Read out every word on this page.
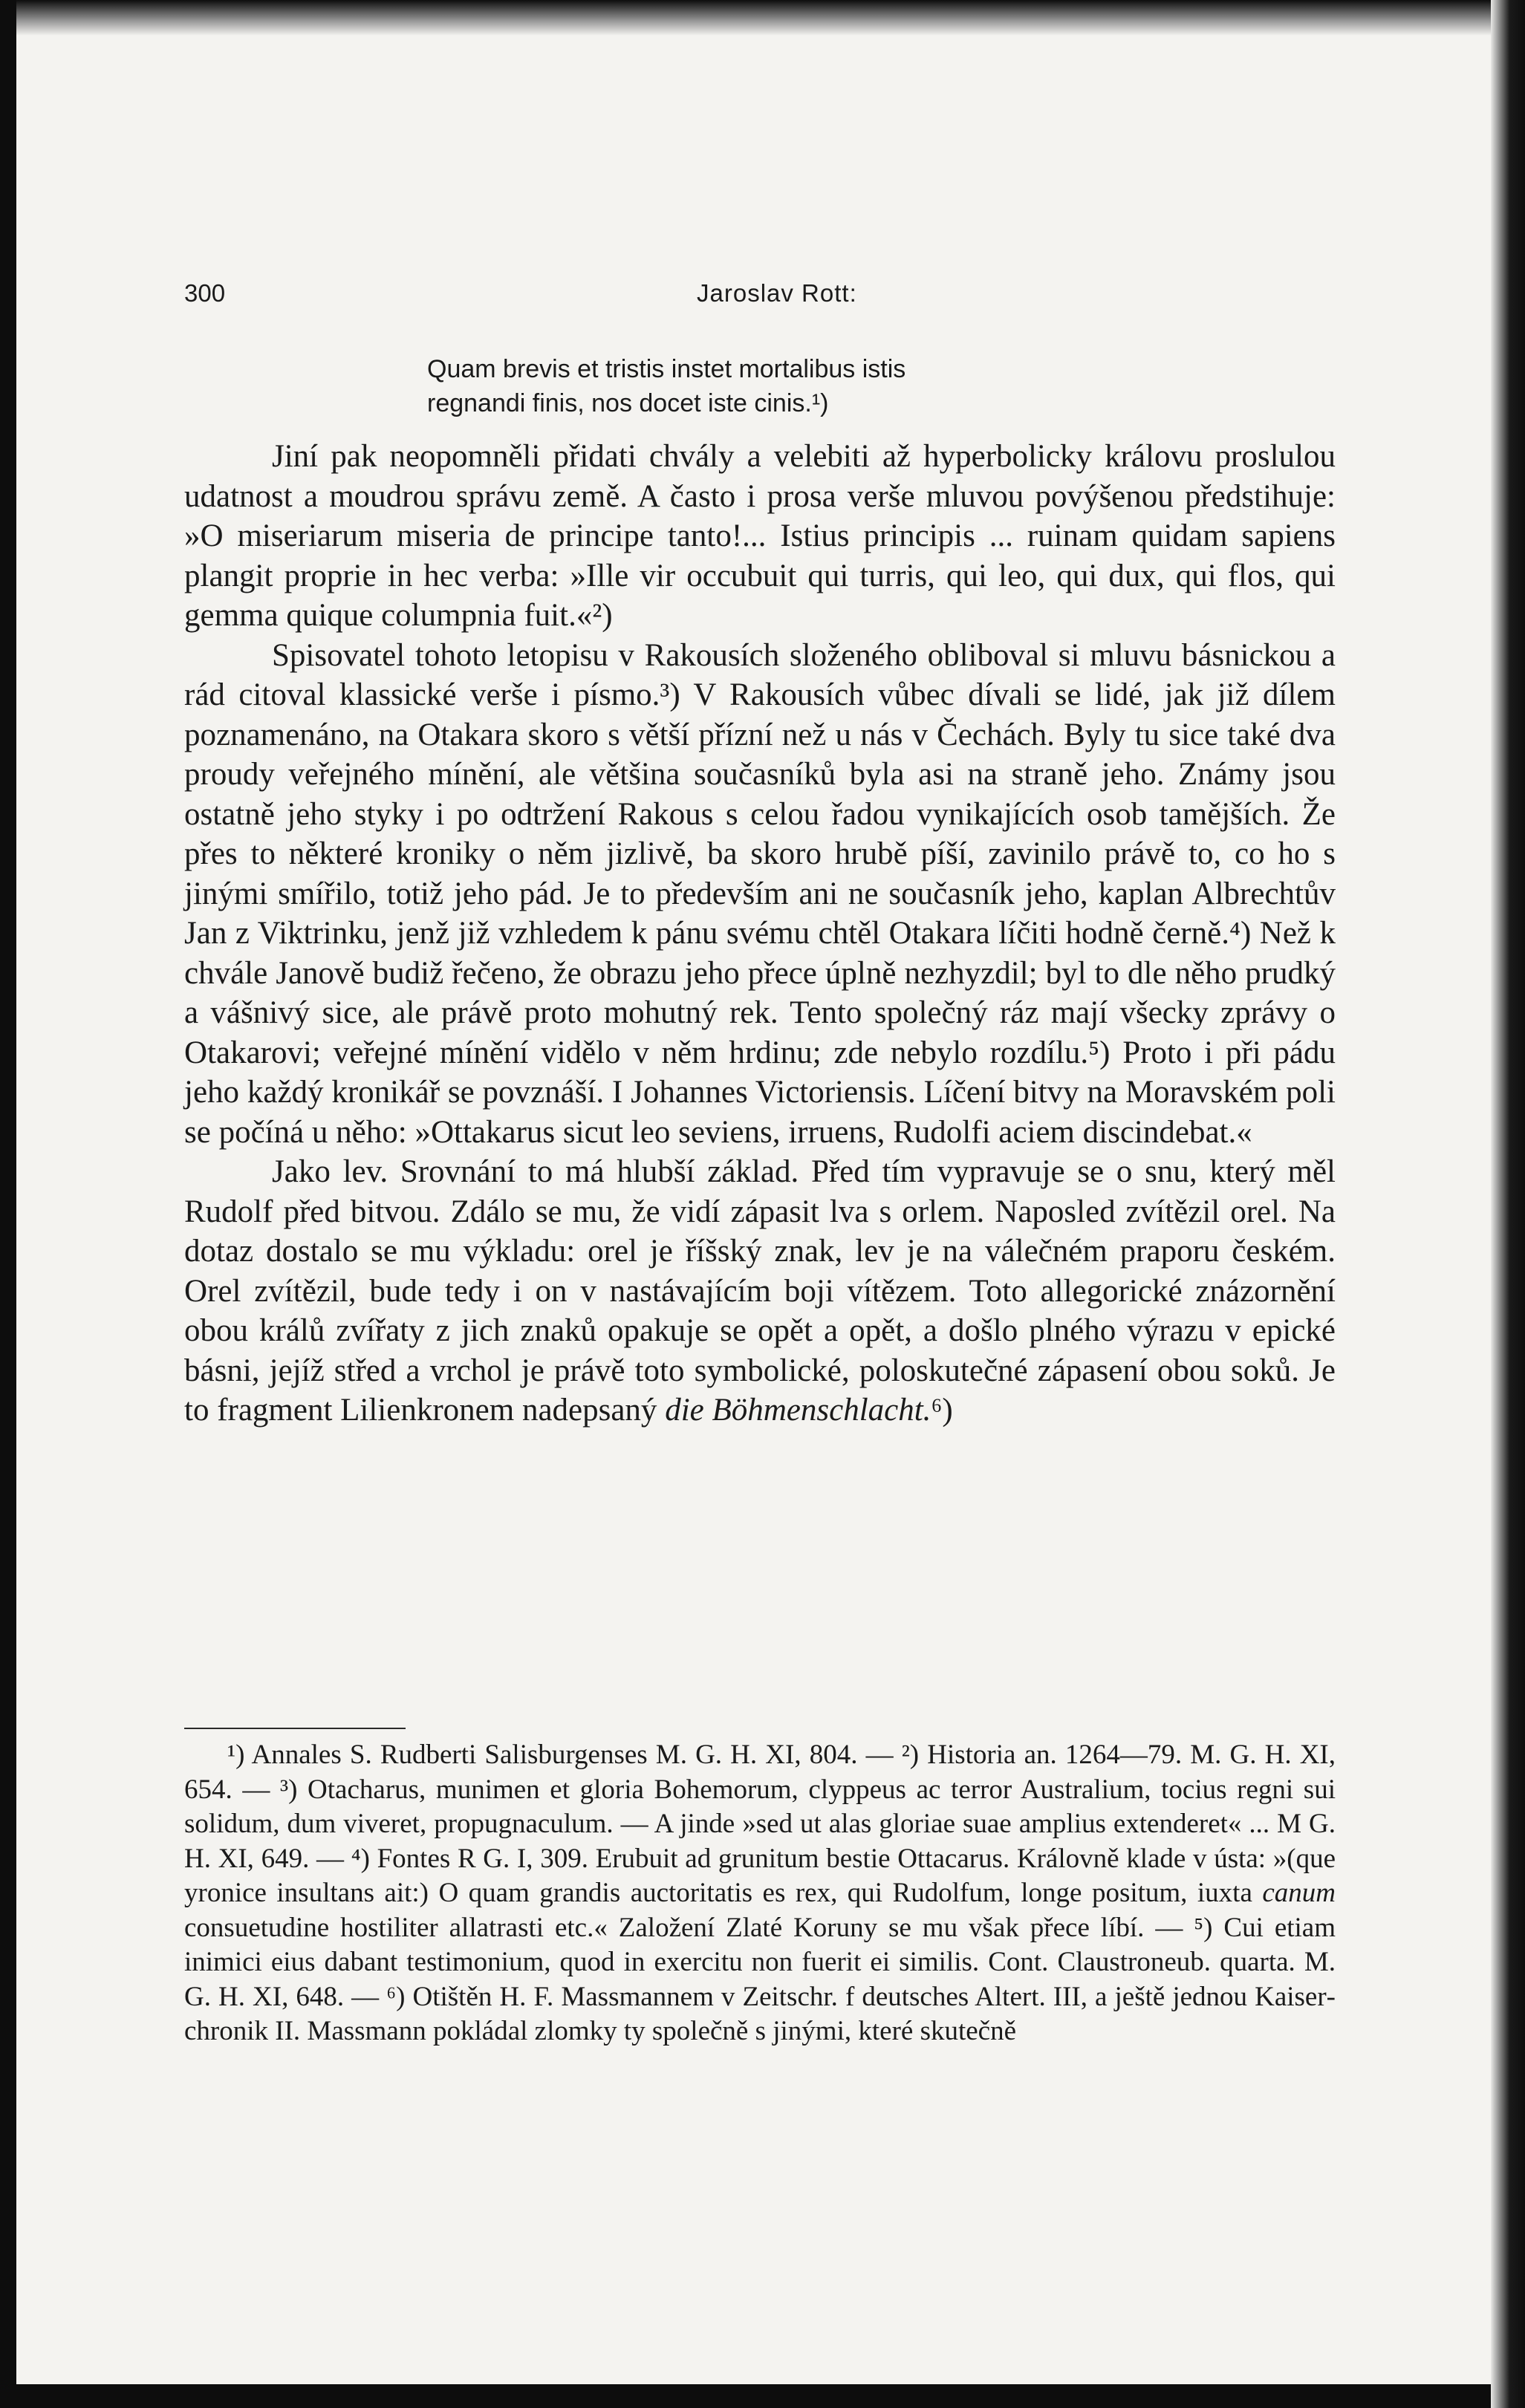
300	Jaroslav Rott:
Quam brevis et tristis instet mortalibus istis
regnandi finis, nos docet iste cinis.¹)

Jiní pak neopomněli přidati chvály a velebiti až hyperbolicky královu proslulou udatnost a moudrou správu země. A často i prosa verše mluvou povýšenou předstihuje: »O miseriarum miseria de principe tanto!... Istius principis ... ruinam quidam sapiens plangit proprie in hec verba: »Ille vir occubuit qui turris, qui leo, qui dux, qui flos, qui gemma quique columpnia fuit.«²)

Spisovatel tohoto letopisu v Rakousích složeného obliboval si mluvu básnickou a rád citoval klassické verše i písmo.³) V Rakousích vůbec dívali se lidé, jak již dílem poznamenáno, na Otakara skoro s větší přízní než u nás v Čechách. Byly tu sice také dva proudy veřejného mínění, ale většina současníků byla asi na straně jeho. Známy jsou ostatně jeho styky i po odtržení Rakous s celou řadou vynikajících osob tamějších. Že přes to některé kroniky o něm jizlivě, ba skoro hrubě píší, zavinilo právě to, co ho s jinými smířilo, totiž jeho pád. Je to především ani ne současník jeho, kaplan Albrechtův Jan z Viktrinku, jenž již vzhledem k pánu svému chtěl Otakara líčiti hodně černě.⁴) Než k chvále Janově budiž řečeno, že obrazu jeho přece úplně nezhyzdil; byl to dle něho prudký a vášnivý sice, ale právě proto mohutný rek. Tento společný ráz mají všecky zprávy o Otakarovi; veřejné mínění vidělo v něm hrdinu; zde nebylo rozdílu.⁵) Proto i při pádu jeho každý kronikář se povznáší. I Johannes Victoriensis. Líčení bitvy na Moravském poli se počíná u něho: »Ottakarus sicut leo seviens, irruens, Rudolfi aciem discindebat.«

Jako lev. Srovnání to má hlubší základ. Před tím vypravuje se o snu, který měl Rudolf před bitvou. Zdálo se mu, že vidí zápasit lva s orlem. Naposled zvítězil orel. Na dotaz dostalo se mu výkladu: orel je říšský znak, lev je na válečném praporu českém. Orel zvítězil, bude tedy i on v nastávajícím boji vítězem. Toto allegorické znázornění obou králů zvířaty z jich znaků opakuje se opět a opět, a došlo plného výrazu v epické básni, jejíž střed a vrchol je právě toto symbolické, poloskutečné zápasení obou soků. Je to fragment Lilienkronem nadepsaný die Böhmenschlacht.⁶)

¹) Annales S. Rudberti Salisburgenses M. G. H. XI, 804. — ²) Historia an. 1264—79. M. G. H. XI, 654. — ³) Otacharus, munimen et gloria Bohemorum, clyppeus ac terror Australium, tocius regni sui solidum, dum viveret, propugnaculum. — A jinde »sed ut alas gloriae suae amplius extenderet« ... M G. H. XI, 649. — ⁴) Fontes R G. I, 309. Erubuit ad grunitum bestie Ottacarus. Královně klade v ústa: »(que yronice insultans ait:) O quam grandis auctoritatis es rex, qui Rudolfum, longe positum, iuxta canum consuetudine hostiliter allatrasti etc.« Založení Zlaté Koruny se mu však přece líbí. — ⁵) Cui etiam inimici eius dabant testimonium, quod in exercitu non fuerit ei similis. Cont. Claustroneub. quarta. M. G. H. XI, 648. — ⁶) Otištěn H. F. Massmannem v Zeitschr. f deutsches Altert. III, a ještě jednou Kaiserchronik II. Massmann pokládal zlomky ty společně s jinými, které skutečně
